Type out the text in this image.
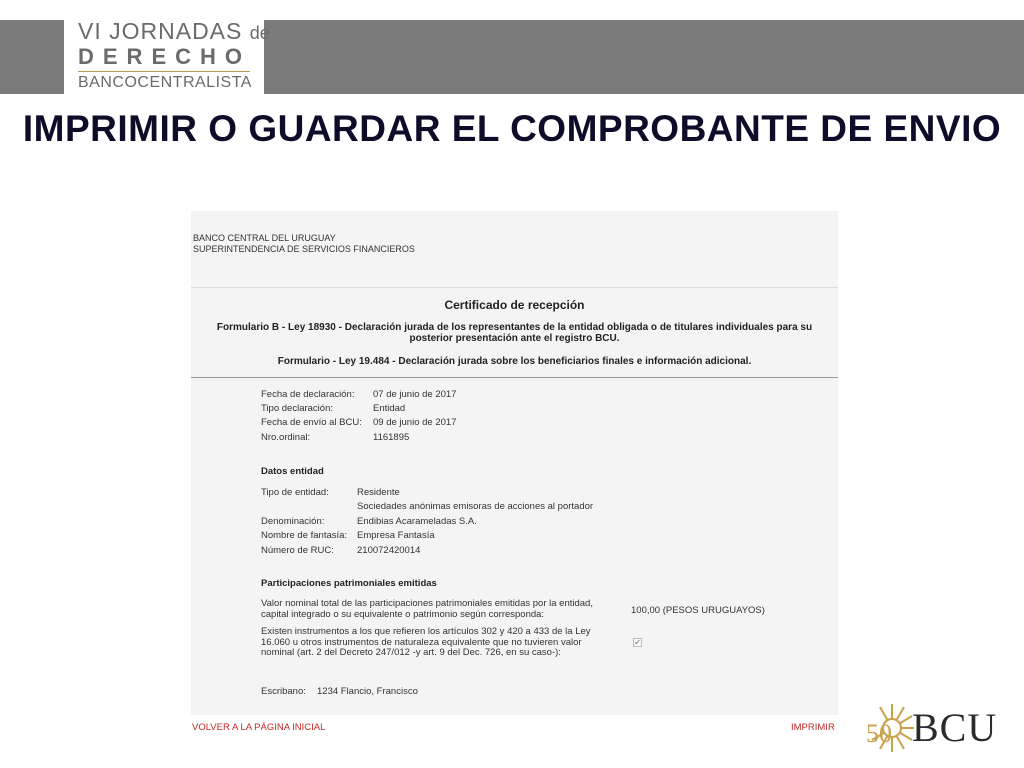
VI JORNADAS de
DERECHO
BANCOCENTRALISTA
IMPRIMIR O GUARDAR EL COMPROBANTE DE ENVIO
BANCO CENTRAL DEL URUGUAY
SUPERINTENDENCIA DE SERVICIOS FINANCIEROS
Certificado de recepción
Formulario B - Ley 18930 - Declaración jurada de los representantes de la entidad obligada o de titulares individuales para su posterior presentación ante el registro BCU.
Formulario - Ley 19.484 - Declaración jurada sobre los beneficiarios finales e información adicional.
Fecha de declaración: 07 de junio de 2017
Tipo declaración:	Entidad
Fecha de envío al BCU: 09 de junio de 2017
Nro.ordinal:	1161895
Datos entidad
Tipo de entidad:	Residente
Sociedades anónimas emisoras de acciones al portador
Denominación:	Endibias Acarameladas S.A.
Nombre de fantasía: Empresa Fantasía
Número de RUC: 210072420014
Participaciones patrimoniales emitidas
Valor nominal total de las participaciones patrimoniales emitidas por la entidad, capital integrado o su equivalente o patrimonio según corresponda:	100,00 (PESOS URUGUAYOS)
Existen instrumentos a los que refieren los artículos 302 y 420 a 433 de la Ley 16.060 u otros instrumentos de naturaleza equivalente que no tuvieren valor nominal (art. 2 del Decreto 247/012 -y art. 9 del Dec. 726, en su caso-):
✔
Escribano: 1234 Flancio, Francisco
VOLVER A LA PÁGINA INICIAL	IMPRIMIR 50 BCU
